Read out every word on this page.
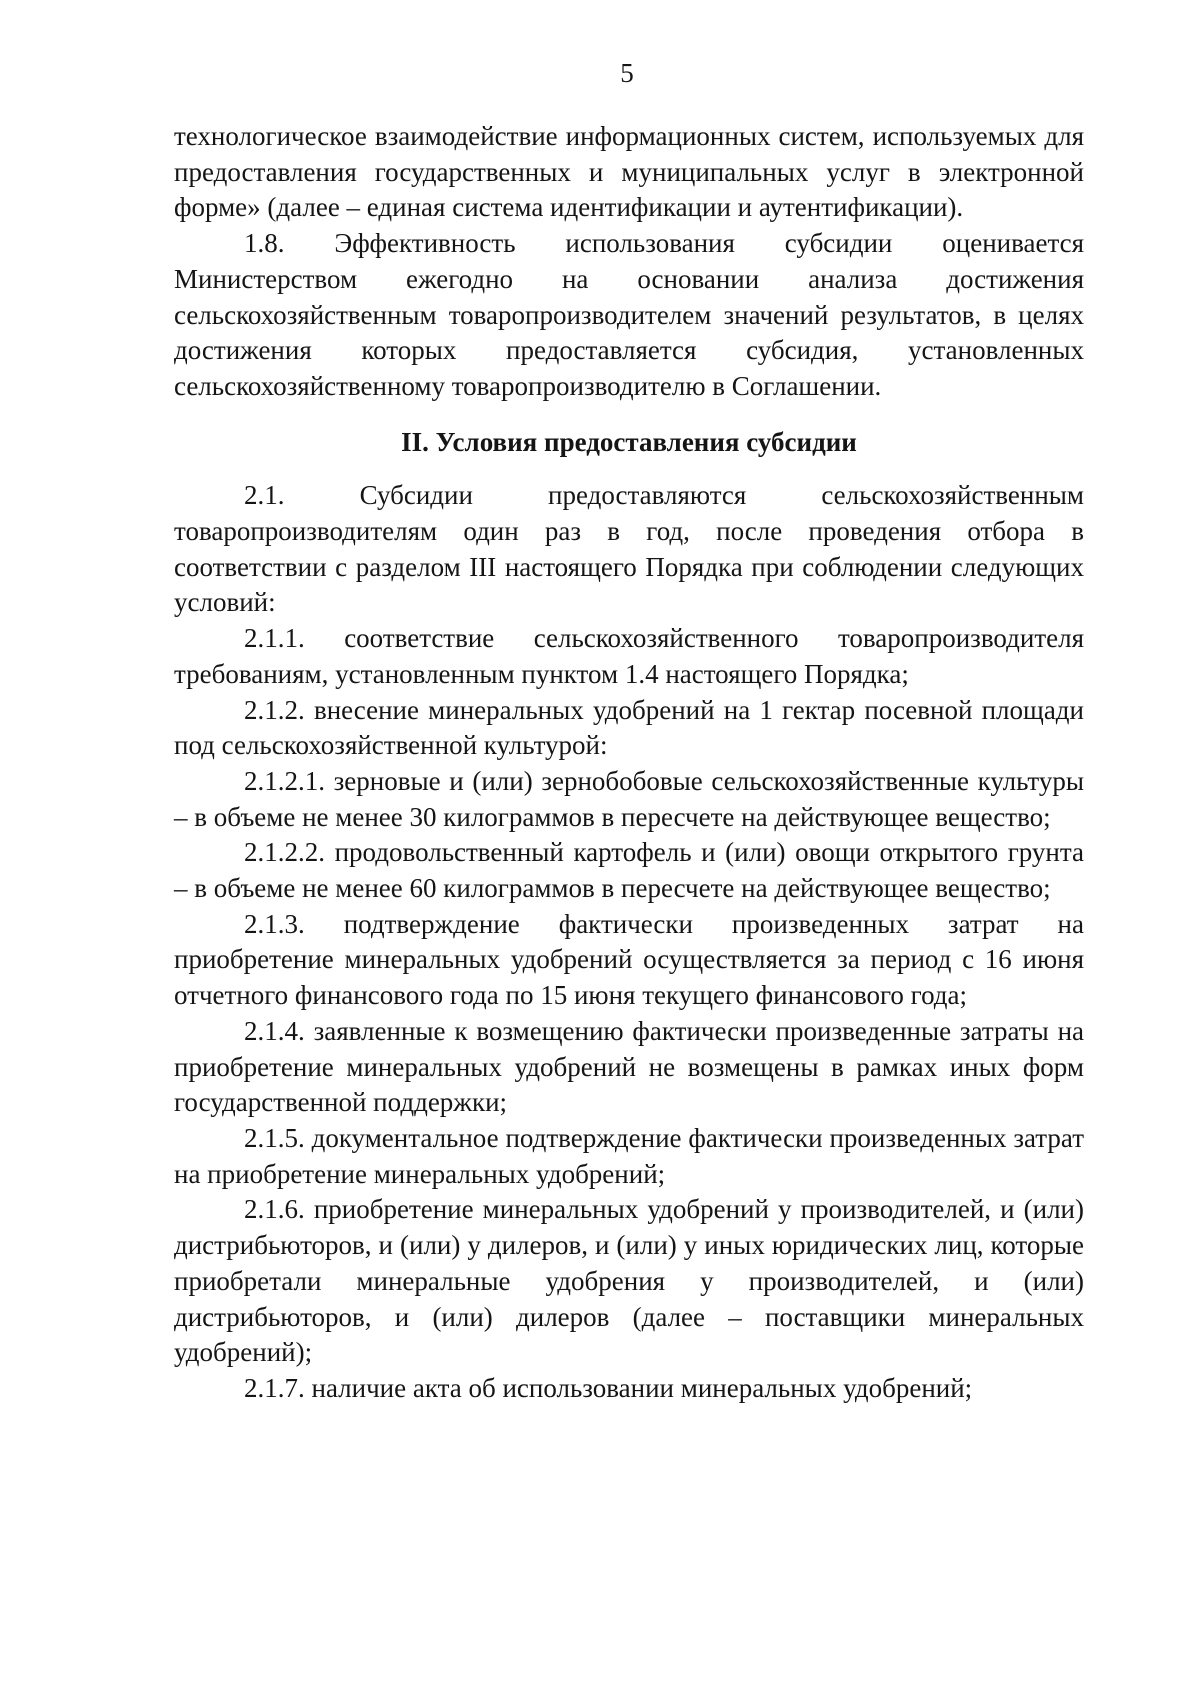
5

технологическое взаимодействие информационных систем, используемых для предоставления государственных и муниципальных услуг в электронной форме» (далее – единая система идентификации и аутентификации).

1.8. Эффективность использования субсидии оценивается Министерством ежегодно на основании анализа достижения сельскохозяйственным товаропроизводителем значений результатов, в целях достижения которых предоставляется субсидия, установленных сельскохозяйственному товаропроизводителю в Соглашении.

II. Условия предоставления субсидии

2.1. Субсидии предоставляются сельскохозяйственным товаропроизводителям один раз в год, после проведения отбора в соответствии с разделом III настоящего Порядка при соблюдении следующих условий:

2.1.1. соответствие сельскохозяйственного товаропроизводителя требованиям, установленным пунктом 1.4 настоящего Порядка;

2.1.2. внесение минеральных удобрений на 1 гектар посевной площади под сельскохозяйственной культурой:

2.1.2.1. зерновые и (или) зернобобовые сельскохозяйственные культуры – в объеме не менее 30 килограммов в пересчете на действующее вещество;

2.1.2.2. продовольственный картофель и (или) овощи открытого грунта – в объеме не менее 60 килограммов в пересчете на действующее вещество;

2.1.3. подтверждение фактически произведенных затрат на приобретение минеральных удобрений осуществляется за период с 16 июня отчетного финансового года по 15 июня текущего финансового года;

2.1.4. заявленные к возмещению фактически произведенные затраты на приобретение минеральных удобрений не возмещены в рамках иных форм государственной поддержки;

2.1.5. документальное подтверждение фактически произведенных затрат на приобретение минеральных удобрений;

2.1.6. приобретение минеральных удобрений у производителей, и (или) дистрибьюторов, и (или) у дилеров, и (или) у иных юридических лиц, которые приобретали минеральные удобрения у производителей, и (или) дистрибьюторов, и (или) дилеров (далее – поставщики минеральных удобрений);

2.1.7. наличие акта об использовании минеральных удобрений;
